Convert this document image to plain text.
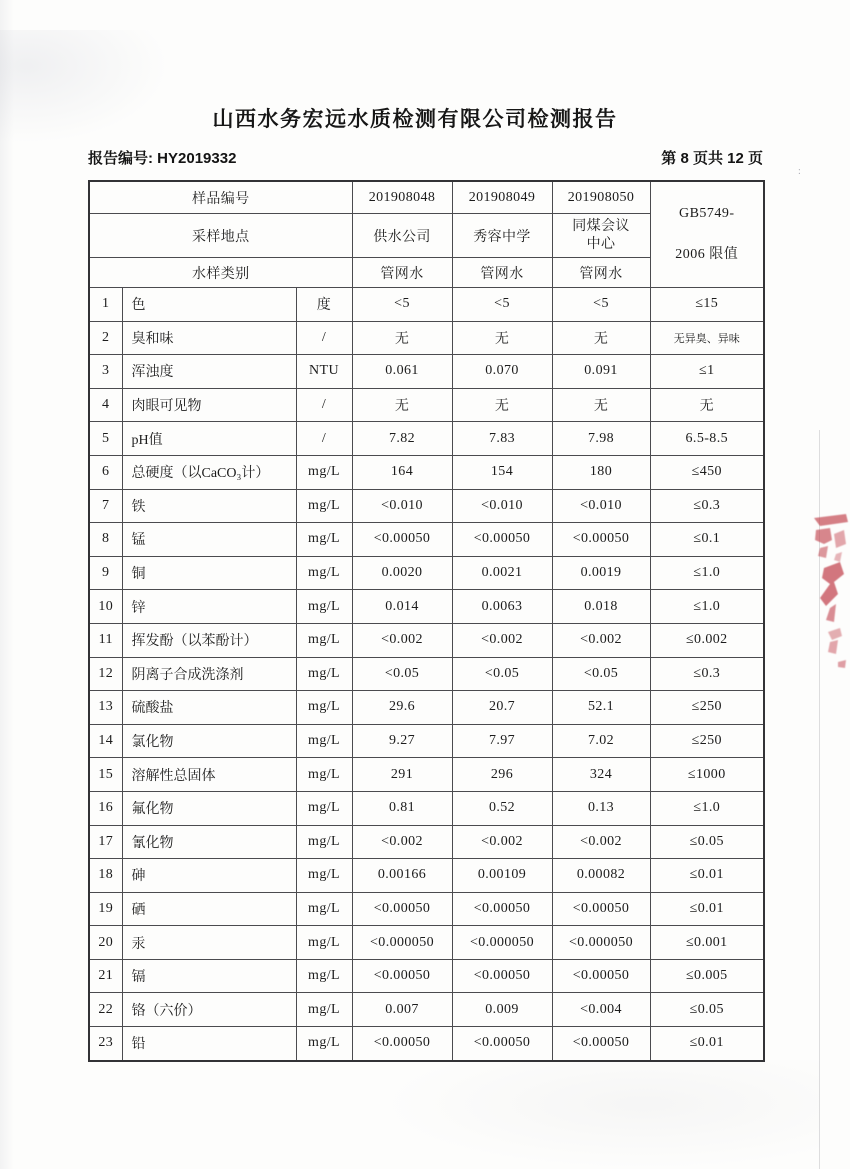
:
山西水务宏远水质检测有限公司检测报告
报告编号: HY2019332	第 8 页共 12 页
样品编号			201908048	201908049	201908050	GB5749-
2006 限值

采样地点			供水公司	秀容中学	同煤会议中心	
水样类别			管网水	管网水	管网水	
1	色	度	<5	<5	<5	≤15
2	臭和味	/	无	无	无	无异臭、异味
3	浑浊度	NTU	0.061	0.070	0.091	≤1
4	肉眼可见物	/	无	无	无	无
5	pH值	/	7.82	7.83	7.98	6.5-8.5
6	总硬度（以CaCO₃计）	mg/L	164	154	180	≤450
7	铁	mg/L	<0.010	<0.010	<0.010	≤0.3
8	锰	mg/L	<0.00050	<0.00050	<0.00050	≤0.1
9	铜	mg/L	0.0020	0.0021	0.0019	≤1.0
10	锌	mg/L	0.014	0.0063	0.018	≤1.0
11	挥发酚（以苯酚计）	mg/L	<0.002	<0.002	<0.002	≤0.002
12	阴离子合成洗涤剂	mg/L	<0.05	<0.05	<0.05	≤0.3
13	硫酸盐	mg/L	29.6	20.7	52.1	≤250
14	氯化物	mg/L	9.27	7.97	7.02	≤250
15	溶解性总固体	mg/L	291	296	324	≤1000
16	氟化物	mg/L	0.81	0.52	0.13	≤1.0
17	氰化物	mg/L	<0.002	<0.002	<0.002	≤0.05
18	砷	mg/L	0.00166	0.00109	0.00082	≤0.01
19	硒	mg/L	<0.00050	<0.00050	<0.00050	≤0.01
20	汞	mg/L	<0.000050	<0.000050	<0.000050	≤0.001
21	镉	mg/L	<0.00050	<0.00050	<0.00050	≤0.005
22	铬（六价）	mg/L	0.007	0.009	<0.004	≤0.05
23	铅	mg/L	<0.00050	<0.00050	<0.00050	≤0.01
